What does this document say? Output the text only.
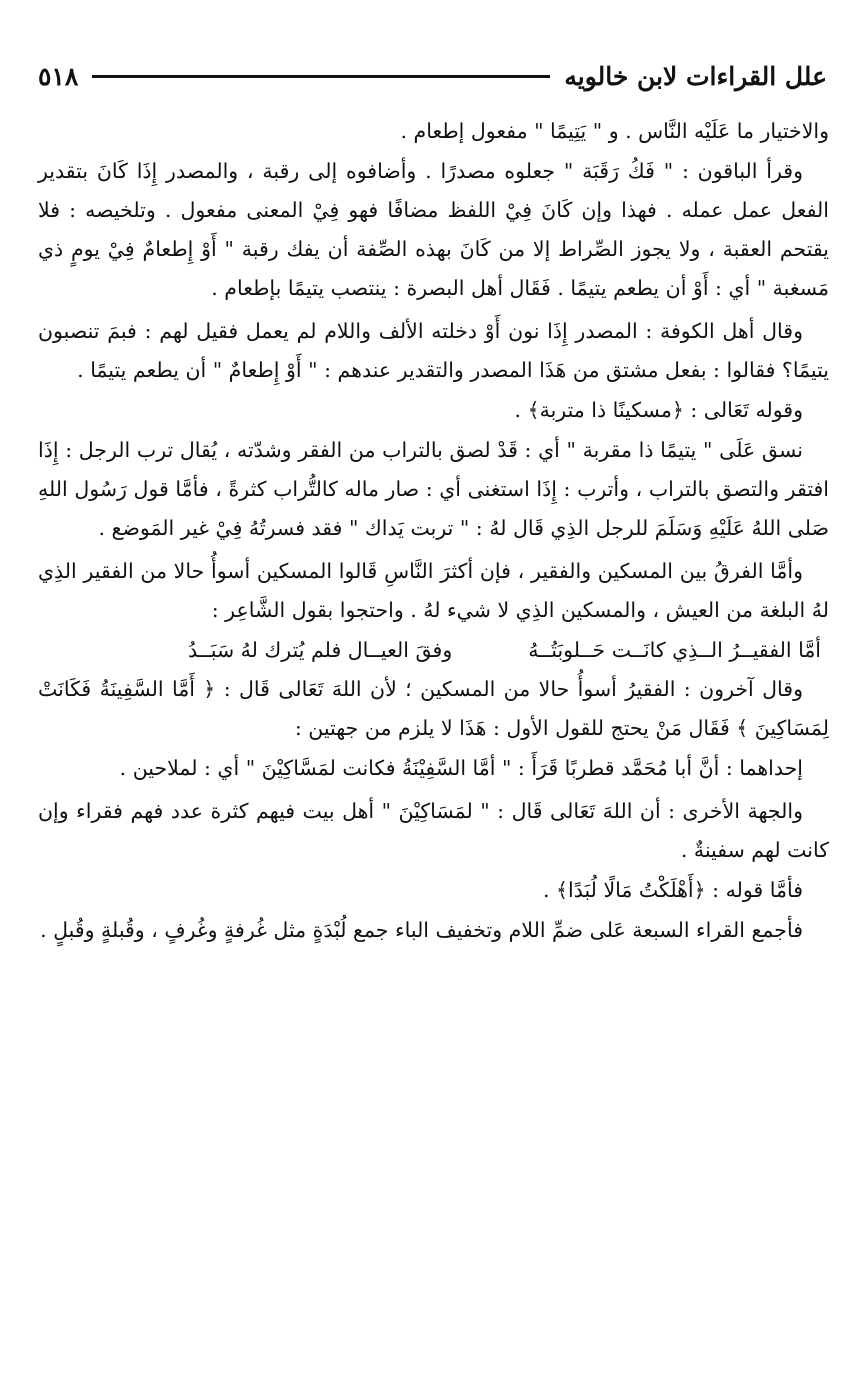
علل القراءات لابن خالويه
٥١٨

والاختيار ما عَلَيْه النَّاس . و " يَتِيمًا " مفعول إطعام .

وقرأ الباقون : " فَكُ رَقَبَة " جعلوه مصدرًا . وأضافوه إلى رقبة ، والمصدر إِذَا كَانَ بتقدير الفعل عمل عمله . فهذا وإن كَانَ فِيْ اللفظ مضافًا فهو فِيْ المعنى مفعول . وتلخيصه : فلا يقتحم العقبة ، ولا يجوز الصِّراط إلا من كَانَ بهذه الصِّفة أن يفك رقبة " أَوْ إِطعامٌ فِيْ يومٍ ذي مَسغبة " أي : أَوْ أن يطعم يتيمًا . فَقَال أهل البصرة : ينتصب يتيمًا بإطعام .

وقال أهل الكوفة : المصدر إِذَا نون أَوْ دخلته الألف واللام لم يعمل فقيل لهم : فبمَ تنصبون يتيمًا؟ فقالوا : بفعل مشتق من هَذَا المصدر والتقدير عندهم : " أَوْ إِطعامٌ " أن يطعم يتيمًا .

وقوله تَعَالى : ﴿مسكينًا ذا متربة﴾ .

نسق عَلَى " يتيمًا ذا مقربة " أي : قَدْ لصق بالتراب من الفقر وشدّته ، يُقال ترب الرجل : إِذَا افتقر والتصق بالتراب ، وأترب : إِذَا استغنى أي : صار ماله كالتُّراب كثرةً ، فأمَّا قول رَسُول اللهِ صَلى اللهُ عَلَيْهِ وَسَلَمَ للرجل الذِي قَال لهُ : " تربت يَداك " فقد فسرتُهُ فِيْ غير المَوضع .

وأمَّا الفرقُ بين المسكين والفقير ، فإن أكثرَ النَّاسِ قَالوا المسكين أسوأُ حالا من الفقير الذِي لهُ البلغة من العيش ، والمسكين الذِي لا شيء لهُ . واحتجوا بقول الشَّاعِر :

أمَّا الفقيــرُ الــذِي كانَــت حَــلوبَتُــهُ
وفقَ العيــال فلم يُترك لهُ سَبَــدُ

وقال آخرون : الفقيرُ أسوأُ حالا من المسكين ؛ لأن اللهَ تَعَالى قَال : ﴿ أَمَّا السَّفِينَةُ فَكَانَتْ لِمَسَاكِينَ ﴾ فَقَال مَنْ يحتج للقول الأول : هَذَا لا يلزم من جهتين :

إحداهما : أنَّ أبا مُحَمَّد قطربًا قَرَأَ : " أمَّا السَّفِيْنَةُ فكانت لمَسَّاكِيْنَ " أي : لملاحين .

والجهة الأخرى : أن اللهَ تَعَالى قَال : " لمَسَاكِيْنَ " أهل بيت فيهم كثرة عدد فهم فقراء وإن كانت لهم سفينةٌ .

فأمَّا قوله : ﴿أَهْلَكْتُ مَالًا لُبَدًا﴾ .

فأجمع القراء السبعة عَلى ضمِّ اللام وتخفيف الباء جمع لُبْدَةٍ مثل غُرفةٍ وغُرفٍ ، وقُبلةٍ وقُبلٍ .
